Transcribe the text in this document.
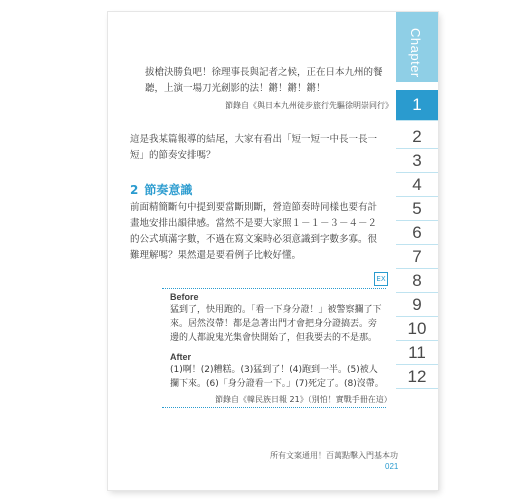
Chapter
1
2
3
4
5
6
7
8
9
10
11
12
拔槍決勝負吧！徐理事長與記者之候，正在日本九州的餐聽，上演一場刀光劍影的法！鏘！鏘！鏘！
節錄自《與日本九州徒步旅行先驅徐明崇同行》
這是我某篇報導的結尾，大家有看出「短一短一中長一長一短」的節奏安排嗎？
2 節奏意識
前面精簡斷句中提到要當斷則斷，營造節奏時同樣也要有計畫地安排出韻律感。當然不是要大家照１－１－３－４－２的公式填滿字數，不過在寫文案時必須意識到字數多寡。很難理解嗎？果然還是要看例子比較好懂。
EX
Before
猛到了，快用跑的。「看一下身分證！」被警察攔了下來。居然沒帶！都是急著出門才會把身分證搞丟。旁邊的人都說鬼光集會快開始了，但我要去的不是那。
After
(1)啊！(2)糟糕。(3)猛到了！(4)跑到一半。(5)被人攔下來。(6)「身分證看一下。」(7)死定了。(8)沒帶。
節錄自《韓民族日報 21》（別怕！實戰手冊在這）
所有文案通用！百萬點擊入門基本功
021
